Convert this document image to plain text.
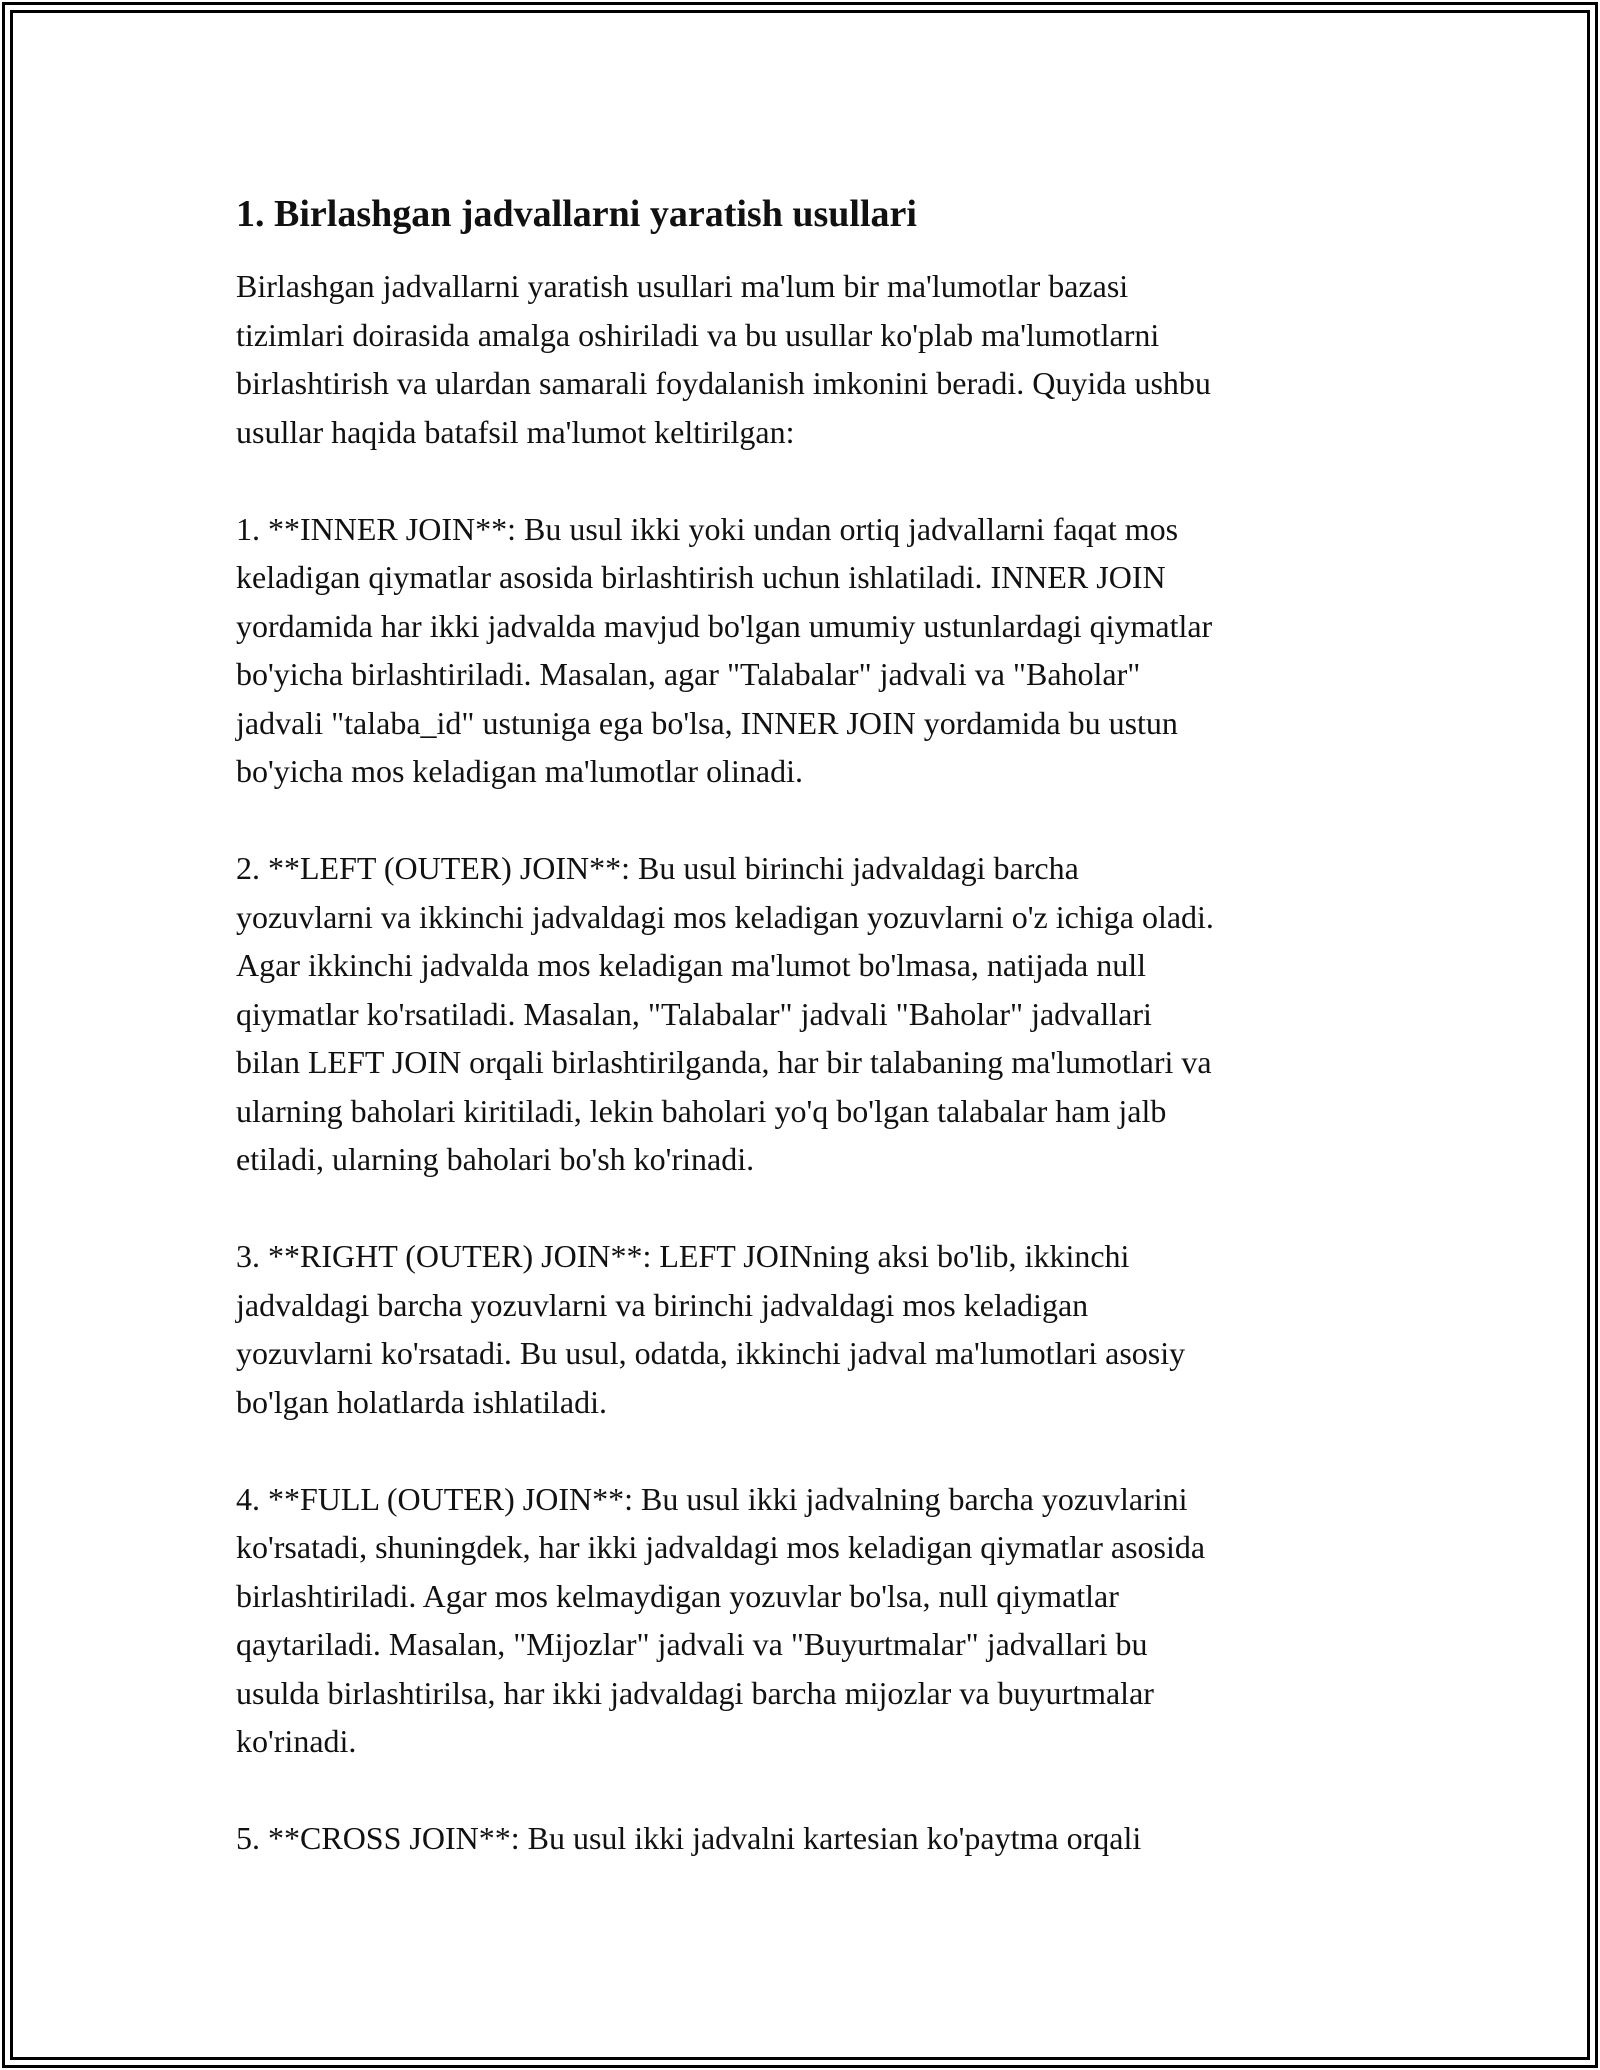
1. Birlashgan jadvallarni yaratish usullari

Birlashgan jadvallarni yaratish usullari ma'lum bir ma'lumotlar bazasi
tizimlari doirasida amalga oshiriladi va bu usullar ko'plab ma'lumotlarni
birlashtirish va ulardan samarali foydalanish imkonini beradi. Quyida ushbu
usullar haqida batafsil ma'lumot keltirilgan:

1. **INNER JOIN**: Bu usul ikki yoki undan ortiq jadvallarni faqat mos
keladigan qiymatlar asosida birlashtirish uchun ishlatiladi. INNER JOIN
yordamida har ikki jadvalda mavjud bo'lgan umumiy ustunlardagi qiymatlar
bo'yicha birlashtiriladi. Masalan, agar "Talabalar" jadvali va "Baholar"
jadvali "talaba_id" ustuniga ega bo'lsa, INNER JOIN yordamida bu ustun
bo'yicha mos keladigan ma'lumotlar olinadi.

2. **LEFT (OUTER) JOIN**: Bu usul birinchi jadvaldagi barcha
yozuvlarni va ikkinchi jadvaldagi mos keladigan yozuvlarni o'z ichiga oladi.
Agar ikkinchi jadvalda mos keladigan ma'lumot bo'lmasa, natijada null
qiymatlar ko'rsatiladi. Masalan, "Talabalar" jadvali "Baholar" jadvallari
bilan LEFT JOIN orqali birlashtirilganda, har bir talabaning ma'lumotlari va
ularning baholari kiritiladi, lekin baholari yo'q bo'lgan talabalar ham jalb
etiladi, ularning baholari bo'sh ko'rinadi.

3. **RIGHT (OUTER) JOIN**: LEFT JOINning aksi bo'lib, ikkinchi
jadvaldagi barcha yozuvlarni va birinchi jadvaldagi mos keladigan
yozuvlarni ko'rsatadi. Bu usul, odatda, ikkinchi jadval ma'lumotlari asosiy
bo'lgan holatlarda ishlatiladi.

4. **FULL (OUTER) JOIN**: Bu usul ikki jadvalning barcha yozuvlarini
ko'rsatadi, shuningdek, har ikki jadvaldagi mos keladigan qiymatlar asosida
birlashtiriladi. Agar mos kelmaydigan yozuvlar bo'lsa, null qiymatlar
qaytariladi. Masalan, "Mijozlar" jadvali va "Buyurtmalar" jadvallari bu
usulda birlashtirilsa, har ikki jadvaldagi barcha mijozlar va buyurtmalar
ko'rinadi.

5. **CROSS JOIN**: Bu usul ikki jadvalni kartesian ko'paytma orqali
